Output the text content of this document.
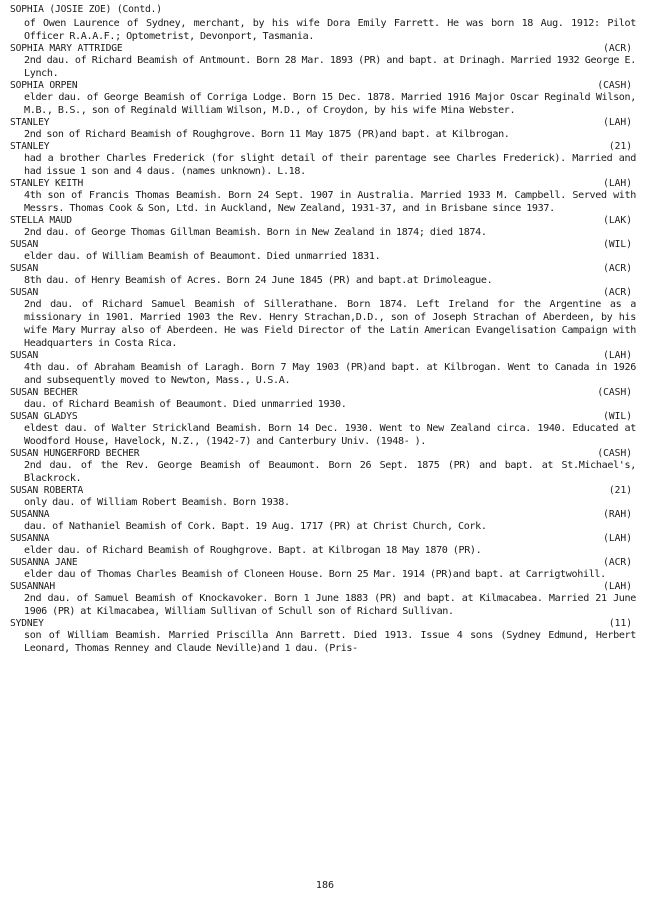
SOPHIA (JOSIE ZOE) (Contd.)
of Owen Laurence of Sydney, merchant, by his wife Dora Emily Farrett. He was born 18 Aug. 1912: Pilot Officer R.A.A.F.; Optometrist, Devonport, Tasmania.
SOPHIA MARY ATTRIDGE	(ACR)
2nd dau. of Richard Beamish of Antmount. Born 28 Mar. 1893 (PR) and bapt. at Drinagh. Married 1932 George E. Lynch.
SOPHIA ORPEN	(CASH)
elder dau. of George Beamish of Corriga Lodge. Born 15 Dec. 1878. Married 1916 Major Oscar Reginald Wilson, M.B., B.S., son of Reginald William Wilson, M.D., of Croydon, by his wife Mina Webster.
STANLEY	(LAH)
2nd son of Richard Beamish of Roughgrove. Born 11 May 1875 (PR)and bapt. at Kilbrogan.
STANLEY	(21)
had a brother Charles Frederick (for slight detail of their parentage see Charles Frederick). Married and had issue 1 son and 4 daus. (names unknown). L.18.
STANLEY KEITH	(LAH)
4th son of Francis Thomas Beamish. Born 24 Sept. 1907 in Australia. Married 1933 M. Campbell. Served with Messrs. Thomas Cook & Son, Ltd. in Auckland, New Zealand, 1931-37, and in Brisbane since 1937.
STELLA MAUD	(LAK)
2nd dau. of George Thomas Gillman Beamish. Born in New Zealand in 1874; died 1874.
SUSAN	(WIL)
elder dau. of William Beamish of Beaumont. Died unmarried 1831.
SUSAN	(ACR)
8th dau. of Henry Beamish of Acres. Born 24 June 1845 (PR) and bapt.at Drimoleague.
SUSAN	(ACR)
2nd dau. of Richard Samuel Beamish of Sillerathane. Born 1874. Left Ireland for the Argentine as a missionary in 1901. Married 1903 the Rev. Henry Strachan,D.D., son of Joseph Strachan of Aberdeen, by his wife Mary Murray also of Aberdeen. He was Field Director of the Latin American Evangelisation Campaign with Headquarters in Costa Rica.
SUSAN	(LAH)
4th dau. of Abraham Beamish of Laragh. Born 7 May 1903 (PR)and bapt. at Kilbrogan. Went to Canada in 1926 and subsequently moved to Newton, Mass., U.S.A.
SUSAN BECHER	(CASH)
dau. of Richard Beamish of Beaumont. Died unmarried 1930.
SUSAN GLADYS	(WIL)
eldest dau. of Walter Strickland Beamish. Born 14 Dec. 1930. Went to New Zealand circa. 1940. Educated at Woodford House, Havelock, N.Z., (1942-7) and Canterbury Univ. (1948- ).
SUSAN HUNGERFORD BECHER	(CASH)
2nd dau. of the Rev. George Beamish of Beaumont. Born 26 Sept. 1875 (PR) and bapt. at St.Michael's, Blackrock.
SUSAN ROBERTA	(21)
only dau. of William Robert Beamish. Born 1938.
SUSANNA	(RAH)
dau. of Nathaniel Beamish of Cork. Bapt. 19 Aug. 1717 (PR) at Christ Church, Cork.
SUSANNA	(LAH)
elder dau. of Richard Beamish of Roughgrove. Bapt. at Kilbrogan 18 May 1870 (PR).
SUSANNA JANE	(ACR)
elder dau of Thomas Charles Beamish of Cloneen House. Born 25 Mar. 1914 (PR)and bapt. at Carrigtwohill.
SUSANNAH	(LAH)
2nd dau. of Samuel Beamish of Knockavoker. Born 1 June 1883 (PR) and bapt. at Kilmacabea. Married 21 June 1906 (PR) at Kilmacabea, William Sullivan of Schull son of Richard Sullivan.
SYDNEY	(11)
son of William Beamish. Married Priscilla Ann Barrett. Died 1913. Issue 4 sons (Sydney Edmund, Herbert Leonard, Thomas Renney and Claude Neville)and 1 dau. (Pris-
186
